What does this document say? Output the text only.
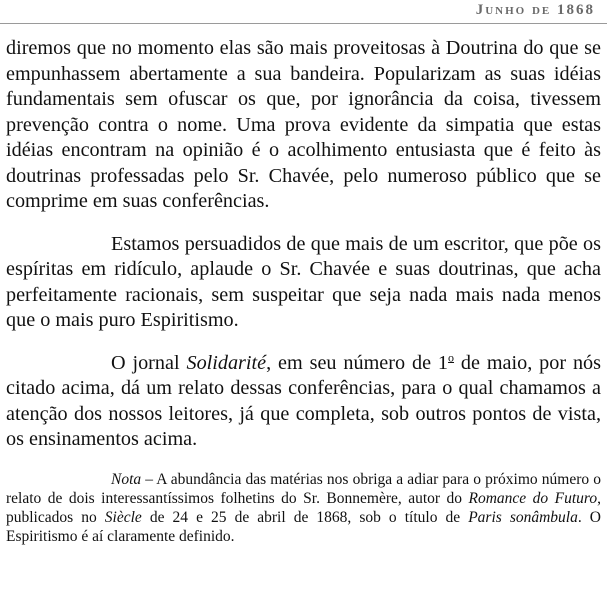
Junho de 1868

diremos que no momento elas são mais proveitosas à Doutrina do que se empunhassem abertamente a sua bandeira. Popularizam as suas idéias fundamentais sem ofuscar os que, por ignorância da coisa, tivessem prevenção contra o nome. Uma prova evidente da simpatia que estas idéias encontram na opinião é o acolhimento entusiasta que é feito às doutrinas professadas pelo Sr. Chavée, pelo numeroso público que se comprime em suas conferências.

Estamos persuadidos de que mais de um escritor, que põe os espíritas em ridículo, aplaude o Sr. Chavée e suas doutrinas, que acha perfeitamente racionais, sem suspeitar que seja nada mais nada menos que o mais puro Espiritismo.

O jornal Solidarité, em seu número de 1$^o$ de maio, por nós citado acima, dá um relato dessas conferências, para o qual chamamos a atenção dos nossos leitores, já que completa, sob outros pontos de vista, os ensinamentos acima.

Nota – A abundância das matérias nos obriga a adiar para o próximo número o relato de dois interessantíssimos folhetins do Sr. Bonnemère, autor do Romance do Futuro, publicados no Siècle de 24 e 25 de abril de 1868, sob o título de Paris sonâmbula. O Espiritismo é aí claramente definido.
